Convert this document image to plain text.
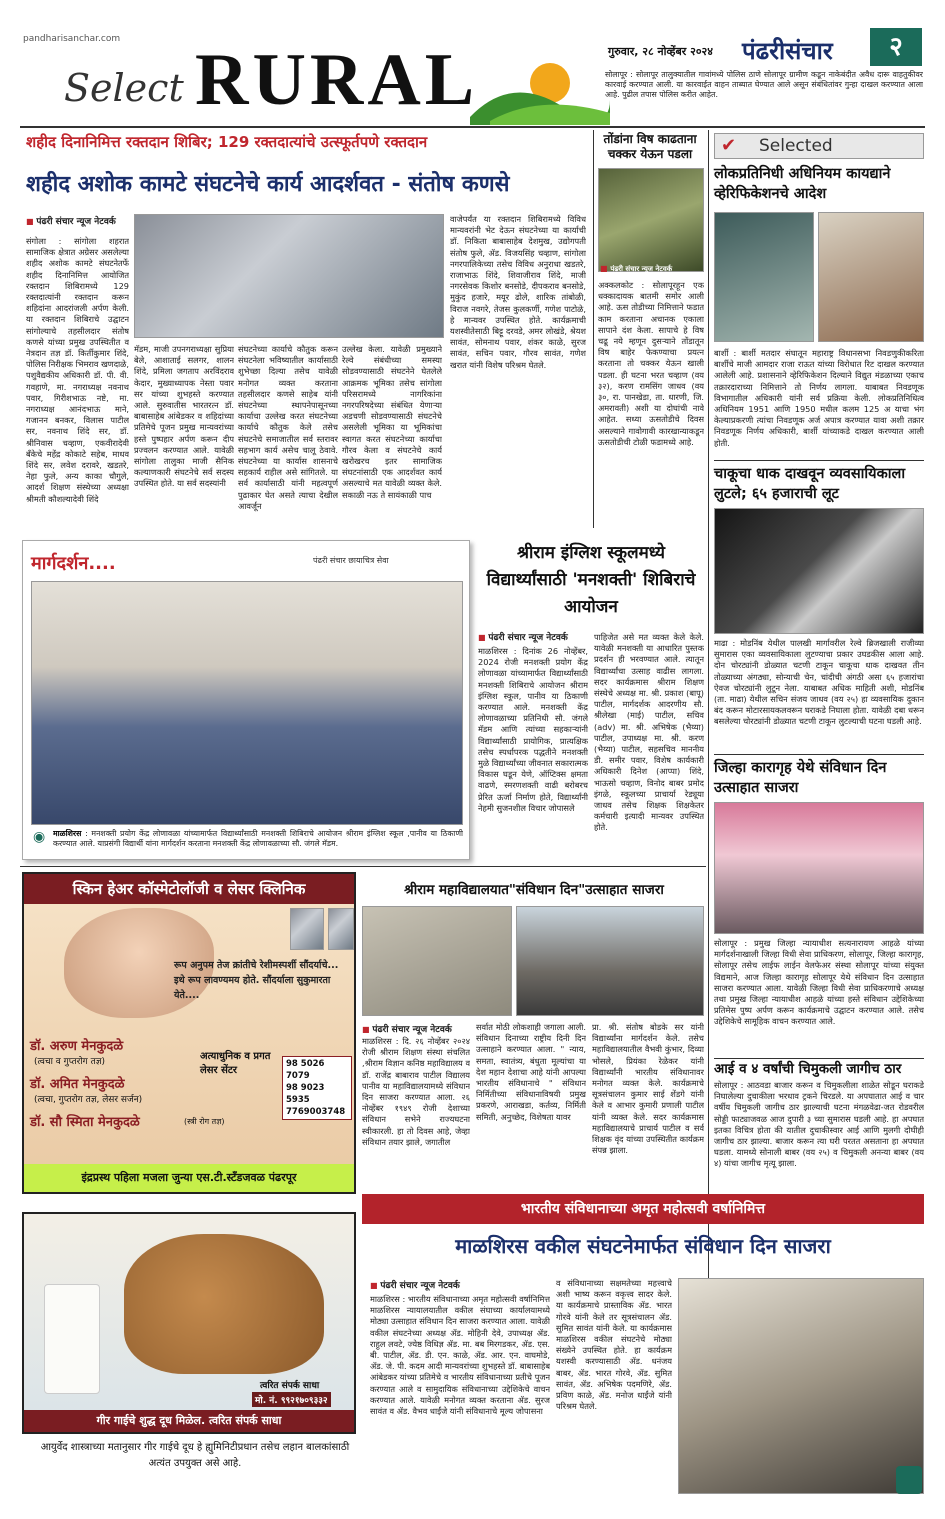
pandharisanchar.com
Select RURAL	गुरुवार, २८ नोव्हेंबर २०२४ पंढरीसंचार	२
सोलापूर : सोलापूर तालुक्यातील गावांमध्ये पोलिस ठाणे सोलापूर ग्रामीण कडून नाकेबंदीत अवैध दारू वाहतुकीवर कारवाई करण्यात आली. या कारवाईत वाहन ताब्यात घेण्यात आले असून संबंधितांवर गुन्हा दाखल करण्यात आला आहे. पुढील तपास पोलिस करीत आहेत.
शहीद दिनानिमित्त रक्तदान शिबिर; 129 रक्तदात्यांचे उत्स्फूर्तपणे रक्तदान
शहीद अशोक कामटे संघटनेचे कार्य आदर्शवत - संतोष कणसे
■ पंढरी संचार न्यूज नेटवर्क
संगोला : सांगोला शहरात सामाजिक क्षेत्रात अग्रेसर असलेल्या शहीद अशोक कामटे संघटनेतर्फे शहीद दिनानिमित्त आयोजित रक्तदान शिबिरामध्ये 129 रक्तदात्यांनी रक्तदान करून शहिदांना आदरांजली अर्पण केली. या रक्तदान शिबिराचे उद्घाटन सांगोल्याचे तहसीलदार संतोष कणसे यांच्या प्रमुख उपस्थितीत व नेत्रदान तज्ञ डॉ. किर्तीकुमार शिंदे, पोलिस निरीक्षक भिमराव खणदाळे, पशुवैद्यकीय अधिकारी डॉ. पी. वी. गवहाणे, मा. नगराध्यक्ष नवनाथ पवार, गिरीशभाऊ नष्टे, मा. नगराध्यक्ष आनंदभाऊ माने, गजानन बनकर, विलास पाटील सर, नवनाथ शिंदे सर, डॉ. श्रीनिवास चव्हाण, एकवीरादेवी बँकेचे महेंद्र कोकाटे सहेब, माधव शिंदे सर, लवेश दरावरे, खडतरे, नेहा फुले, अन्य काका चौगुले, आदर्श शिक्षण संस्थेच्या अध्यक्षा श्रीमती कौशल्यादेवी शिंदे
मॅडम, माजी उपनगराध्यक्षा सुप्रिया बेले, आशाताई सलगर, शालन शिंदे, प्रमिला जगताप अरविंदराव केदार, मुख्याध्यापक नेस्ता पवार सर यांच्या शुभहस्ते करण्यात आले. सुरुवातीस भारतरत्न डॉ. बाबासाहेब आंबेडकर व शहिदांच्या प्रतिमेचे पूजन प्रमुख मान्यवरांच्या हस्ते पुष्पहार अर्पण करून दीप प्रज्वलन करण्यात आले. यावेळी सांगोला तालुका माजी सैनिक कल्याणकारी संघटनेचे सर्व सदस्य उपस्थित होते. या सर्व सदस्यांनी
संघटनेच्या कार्याचे कौतुक करून संघटनेला भविष्यातील कार्यासाठी शुभेच्छा दिल्या तसेच यावेळी मनोगत व्यक्त करताना तहसीलदार कणसे साहेब यांनी संघटनेच्या स्थापनेपासूनच्या कार्याचा उल्लेख करत संघटनेच्या कार्याचे कौतुक केले तसेच संघटनेचे समाजातील सर्व स्तरावर सहभाग कार्य असेच चालू ठेवावे. संघटनेच्या या कार्यास शासनाचे सहकार्य राहील असे सांगितले. या सर्व कार्यासाठी यांनी महत्वपूर्ण पुढाकार घेत असते त्याचा देखील आवर्जून
उल्लेख केला. यावेळी प्रमुख्याने रेल्वे संबंधीच्या समस्या सोडवण्यासाठी संघटनेने घेतलेले आक्रमक भूमिका तसेच सांगोला परिसरामध्ये नागरिकांना नगरपरिषदेच्या संबंधित येणार्‍या अडचणी सोडवण्यासाठी संघटनेचे असलेली भूमिका या भूमिकांचा स्वागत करत संघटनेच्या कार्याचा गौरव केला व संघटनेचे कार्य खरोखरच इतर सामाजिक संघटनांसाठी एक आदर्शवत कार्य असल्याचे मत यावेळी व्यक्त केले. सकाळी नऊ ते सायंकाळी पाच
वाजेपर्यंत या रक्तदान शिबिरामध्ये विविध मान्यवरांनी भेट देऊन संघटनेच्या या कार्याची डॉ. निकिता बाबासाहेब देशमुख, उद्योगपती संतोष फुले, ॲड. विजयसिंह चव्हाण, सांगोला नगरपालिकेच्या तसेच विविध अनुराधा खडतरे, राजाभाऊ शिंदे, शिवाजीराव शिंदे, माजी नगरसेवक किशोर बनसोडे, दीपकराव बनसोडे, मुकुंद हजारे, मयूर ढोले, शारिक तांबोळी, विराज नवगरे, तेजस कुलकर्णी, गणेश पाटोळे, हे मान्यवर उपस्थित होते. कार्यक्रमाची यशस्वीतेसाठी बिट्टू दरवडे, अमर लोखंडे, श्रेयश सावंत, सोमनाथ पवार, शंकर काळे, सुरज सावंत, सचिन पवार, गौरव सावंत, गणेश खरात यांनी विशेष परिश्रम घेतले.
तोंडांना विष काढताना चक्कर येऊन पडला
■ पंढरी संचार न्यूज नेटवर्क
अक्कलकोट : सोलापूरहून एक धक्कादायक बातमी समोर आली आहे. ऊस तोडीच्या निमित्ताने फडात काम करताना अचानक एकाला सापाने दंश केला. सापाचे हे विष चढू नये म्हणून दुसऱ्याने तोंडातून विष बाहेर फेकण्याचा प्रयत्न करताना तो चक्कर येऊन खाली पडला. ही घटना भरत चव्हाण (वय ३२), करण रामसिंग जाधव (वय ३०, रा. पानखेडा, ता. धारणी, जि. अमरावती) अशी या दोघांची नावे आहेत. सध्या ऊसतोडीचे दिवस असल्याने गावोगावी कारखान्याकडून ऊसतोडीची टोळी फडामध्ये आहे.
✔ Selected
लोकप्रतिनिधी अधिनियम कायद्याने व्हेरिफिकेशनचे आदेश
बार्शी : बार्शी मतदार संघातून महाराष्ट्र विधानसभा निवडणुकीकरिता बार्शीचे माजी आमदार राजा राऊत यांच्या विरोधात रिट दाखल करण्यात आलेली आहे. प्रशासनाने व्हेरिफिकेशन दिल्याने विद्युत मंडळाच्या एकाच तक्रारदाराच्या निमित्ताने तो निर्णय लागला. याबाबत निवडणूक विभागातील अधिकारी यांनी सर्व प्रक्रिया केली. लोकप्रतिनिधित्व अधिनियम 1951 आणि 1950 मधील कलम 125 अ याचा भंग केल्याप्रकरणी त्यांचा निवडणूक अर्ज अपात्र करण्यात यावा अशी तक्रार निवडणूक निर्णय अधिकारी, बार्शी यांच्याकडे दाखल करण्यात आली होती.
चाकूचा धाक दाखवून व्यवसायिकाला लुटले; ६५ हजाराची लूट
माढा : मोडनिंब येथील पालखी मार्गावरील रेल्वे ब्रिजखाली राजीव्या सुमारास एका व्यवसायिकाला लुटण्याचा प्रकार उघडकीस आला आहे. दोन चोरट्यांनी डोळ्यात चटणी टाकून चाकूचा धाक दाखवत तीन तोळ्याच्या अंगठ्या, सोन्याची चेन, चांदीची अंगठी असा ६५ हजारांचा ऐवज चोरट्यांनी लुटून नेला. याबाबत अधिक माहिती अशी, मोडनिंब (ता. माढा) येथील सचिन संजय जाधव (वय २५) हा व्यवसायिक दुकान बंद करून मोटारसायकलवरून घराकडे निघाला होता. यावेळी दबा धरून बसलेल्या चोरट्यांनी डोळ्यात चटणी टाकून लुटल्याची घटना घडली आहे.
जिल्हा कारागृह येथे संविधान दिन उत्साहात साजरा
सोलापूर : प्रमुख जिल्हा न्यायाधीश सत्यनारायण आहळे यांच्या मार्गदर्शनाखाली जिल्हा विधी सेवा प्राधिकरण, सोलापूर, जिल्हा कारागृह, सोलापूर तसेच लाईफ लाईन वेलफेअर संस्था सोलापूर यांच्या संयुक्त विद्यमाने, आज जिल्हा कारागृह सोलापूर येथे संविधान दिन उत्साहात साजरा करण्यात आला. यावेळी जिल्हा विधी सेवा प्राधिकरणाचे अध्यक्ष तथा प्रमुख जिल्हा न्यायाधीश आहळे यांच्या हस्ते संविधान उद्देशिकेच्या प्रतिमेस पुष्प अर्पण करून कार्यक्रमाचे उद्घाटन करण्यात आले. तसेच उद्देशिकेचे सामूहिक वाचन करण्यात आले.
आई व ४ वर्षांची चिमुकली जागीच ठार
सोलापूर : आठवडा बाजार करून व चिमुकलीला शाळेत सोडून घराकडे निघालेल्या दुचाकीला भरधाव ट्रकने चिरडले. या अपघातात आई व चार वर्षीय चिमुकली जागीच ठार झाल्याची घटना मंगळवेढा-जत रोडवरील सोड्डी फाट्याजवळ आज दुपारी ३ च्या सुमारास घडली आहे. हा अपघात इतका विचित्र होता की यातील दुचाकीस्वार आई आणि मुलगी दोघीही जागीच ठार झाल्या. बाजार करून त्या घरी परतत असताना हा अपघात घडला. यामध्ये सोनाली बाबर (वय २५) व चिमुकली अनन्या बाबर (वय ४) यांचा जागीच मृत्यू झाला.
मार्गदर्शन....	पंढरी संचार छायाचित्र सेवा
◉ माळशिरस : मनशक्ती प्रयोग केंद्र लोणावळा यांच्यामार्फत विद्यार्थ्यांसाठी मनशक्ती शिबिराचे आयोजन श्रीराम इंग्लिश स्कूल ,पानीव या ठिकाणी करण्यात आले. याप्रसंगी विद्यार्थी यांना मार्गदर्शन करताना मनशक्ती केंद्र लोणावळाच्या सौ. जंगले मॅडम.
श्रीराम इंग्लिश स्कूलमध्ये विद्यार्थ्यांसाठी 'मनशक्ती' शिबिराचे आयोजन
■ पंढरी संचार न्यूज नेटवर्क
माळशिरस : दिनांक 26 नोव्हेंबर, 2024 रोजी मनशक्ती प्रयोग केंद्र लोणावळा यांच्यामार्फत विद्यार्थ्यांसाठी मनशक्ती शिबिराचे आयोजन श्रीराम इंग्लिश स्कूल, पानीव या ठिकाणी करण्यात आले. मनशक्ती केंद्र लोणावळाच्या प्रतिनिधी सौ. जंगले मॅडम आणि त्यांच्या सहकाऱ्यांनी विद्यार्थ्यांसाठी प्रायोगिक, प्रात्यक्षिक तसेच स्पर्धापरक पद्धतीने मनशक्ती मुळे विद्यार्थ्यांच्या जीवनात सकारात्मक विकास घडून येणे, ऑप्टिक्स क्षमता वाढणे, स्मरणशक्ती वाढी बरोबरच प्रेरित ऊर्जा निर्माण होते, विद्यार्थ्यांनी नेहमी सुजनशील विचार जोपासले
पाहिजेत असे मत व्यक्त केले केले. यावेळी मनशक्ती या आधारित पुस्तक प्रदर्शन ही भरवण्यात आले. त्यातून विद्यार्थ्यांचा उत्साह वाढीस लागला. सदर कार्यक्रमास श्रीराम शिक्षण संस्थेचे अध्यक्ष मा. श्री. प्रकाश (बापू) पाटील, मार्गदर्शक आदरणीय सौ. श्रीलेखा (माई) पाटील, सचिव (adv) मा. श्री. अभिषेक (भैय्या) पाटील, उपाध्यक्ष मा. श्री. करण (भैय्या) पाटील, सहसचिव माननीय डी. समीर पवार, विशेष कार्यकारी अधिकारी दिनेश (आप्पा) शिंदे, भाऊसो चव्हाण, विनोद बाबर प्रमोद इंगळे, स्कूलच्या प्राचार्या रेड्यूया जाधव तसेच शिक्षक शिक्षकेतर कर्मचारी इत्यादी मान्यवर उपस्थित होते.
स्किन हेअर कॉस्मेटोलॉजी व लेसर क्लिनिक
रूप अनुपम तेज क्रांतीचे रेशीमस्पर्शी सौंदर्याचे... इथे रूप लावण्यमय होते. सौंदर्याला सुकुमारता येते....
डॉ. अरुण मेनकुदळे
(त्वचा व गुप्तरोग तज्ञ)
डॉ. अमित मेनकुदळे
(त्वचा, गुप्तरोग तज्ञ, लेसर सर्जन)
डॉ. सौ स्मिता मेनकुदळे	(स्त्री रोग तज्ञ)
अत्याधुनिक व प्रगत लेसर सेंटर
98 5026 7079
98 9023 5935
7769003748
इंद्रप्रस्थ पहिला मजला जुन्या एस.टी.स्टँडजवळ पंढरपूर
श्रीराम महाविद्यालयात"संविधान दिन"उत्साहात साजरा
■ पंढरी संचार न्यूज नेटवर्क
माळशिरस : दि. २६ नोव्हेंबर २०२४ रोजी श्रीराम शिक्षण संस्था संचलित ,श्रीराम विज्ञान कनिष्ठ महाविद्यालय व डॉ. राजेंद्र बाबाराव पाटील विद्यालय पानीव या महाविद्यालयामध्ये संविधान दिन साजरा करण्यात आला. २६ नोव्हेंबर १९४९ रोजी देशाच्या संविधान सभेने राज्यघटना स्वीकारली. हा तो दिवस आहे, जेव्हा संविधान तयार झाले, जगातील
सर्वात मोठी लोकशाही जगाला आली. संविधान दिनाच्या राष्ट्रीय दिनी दिन उत्साहाने करण्यात आला. " न्याय, समता, स्वातंत्र्य, बंधुता मूल्यांचा या देश महान देशाचा आहे यांनी आपल्या भारतीय संविधानाचे " संविधान निर्मितीच्या संविधानाविषयी प्रमुख प्रकरणे, आराखडा, कर्तव्य, निर्मिती समिती, अनुच्छेद, विशेषता यावर
प्रा. श्री. संतोष बोडके सर यांनी विद्यार्थ्यांना मार्गदर्शन केले. तसेच महाविद्यालयातील वैभवी कुंभार, दिव्या भोसले, प्रियंका रेळेकर यांनी विद्यार्थ्यांनी भारतीय संविधानावर मनोगत व्यक्त केले. कार्यक्रमाचे सूत्रसंचालन कुमार साई शेंडगे यांनी केले व आभार कुमारी प्रणाली पाटील यांनी व्यक्त केले. सदर कार्यक्रमास महाविद्यालयाचे प्राचार्य पाटील व सर्व शिक्षक वृंद यांच्या उपस्थितीत कार्यक्रम संपन्न झाला.
त्वरित संपर्क साधा
मो. नं. ९९२१७०९३३२
गीर गाईचे शुद्ध दूध मिळेल. त्वरित संपर्क साधा
आयुर्वेद शास्त्राच्या मतानुसार गीर गाईचे दूध हे ह्युमिनिटीप्रधान तसेच लहान बालकांसाठी अत्यंत उपयुक्त असे आहे.
भारतीय संविधानाच्या अमृत महोत्सवी वर्षानिमित्त
माळशिरस वकील संघटनेमार्फत संविधान दिन साजरा
■ पंढरी संचार न्यूज नेटवर्क
माळशिरस : भारतीय संविधानाच्या अमृत महोत्सवी वर्षानिमित्त माळशिरस न्यायालयातील वकील संघाच्या कार्यालयामध्ये मोठ्या उत्साहात संविधान दिन साजरा करण्यात आला. यावेळी वकील संघटनेच्या अध्यक्ष ॲड. मोहिनी देवे, उपाध्यक्ष ॲड. राहुल लवटे, ज्येष्ठ विधिज्ञ ॲड. मा. बब मिरगडकर, ॲड. एस. बी. पाटील, ॲड. डी. एन. काळे, ॲड. आर. एन. वाघमोडे, ॲड. जे. पी. कदम आदी मान्यवरांच्या शुभहस्ते डॉ. बाबासाहेब आंबेडकर यांच्या प्रतिमेचे व भारतीय संविधानाच्या प्रतीचे पूजन करण्यात आले व सामुदायिक संविधानाच्या उद्देशिकेचे वाचन करण्यात आले. यावेळी मनोगत व्यक्त करताना ॲड. सुरज सावंत व ॲड. वैभव धाईंजे यांनी संविधानाचे मूल्य जोपासना
व संविधानाच्या सक्षमतेच्या महत्त्वाचे अशी भाष्य करून वकृत्त्व सादर केले. या कार्यक्रमाचे प्रास्ताविक ॲड. भारत गोरवे यांनी केले तर सूत्रसंचालन ॲड. सुमित सावंत यांनी केले. या कार्यक्रमास माळशिरस वकील संघटनेचे मोठ्या संख्येने उपस्थित होते. हा कार्यक्रम यशस्वी करण्यासाठी ॲड. धनंजय बाबर, ॲड. भारत गोरवे, ॲड. सुमित सावंत, ॲड. अभिषेक पदमणिरे, ॲड. प्रविण काळे, ॲड. मनोज धाईंजे यांनी परिश्रम घेतले.
